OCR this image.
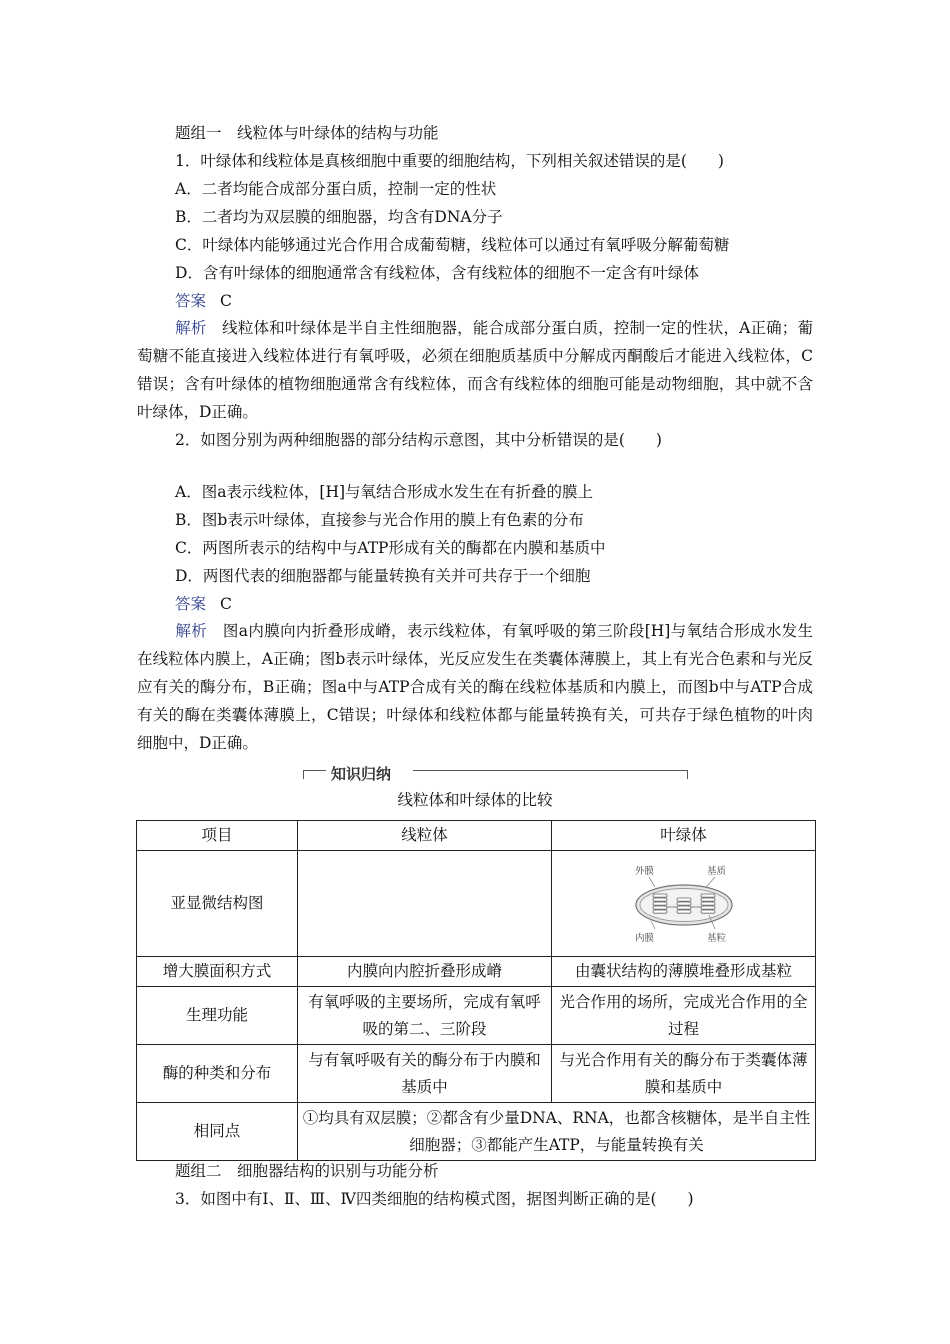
题组一　线粒体与叶绿体的结构与功能
1．叶绿体和线粒体是真核细胞中重要的细胞结构，下列相关叙述错误的是(　　)
A．二者均能合成部分蛋白质，控制一定的性状
B．二者均为双层膜的细胞器，均含有DNA分子
C．叶绿体内能够通过光合作用合成葡萄糖，线粒体可以通过有氧呼吸分解葡萄糖
D．含有叶绿体的细胞通常含有线粒体，含有线粒体的细胞不一定含有叶绿体
答案 C
解析　 线粒体和叶绿体是半自主性细胞器，能合成部分蛋白质，控制一定的性状，A正确；葡萄糖不能直接进入线粒体进行有氧呼吸，必须在细胞质基质中分解成丙酮酸后才能进入线粒体，C错误；含有叶绿体的植物细胞通常含有线粒体，而含有线粒体的细胞可能是动物细胞，其中就不含叶绿体，D正确。
2．如图分别为两种细胞器的部分结构示意图，其中分析错误的是(　　)
A．图a表示线粒体，[H]与氧结合形成水发生在有折叠的膜上
B．图b表示叶绿体，直接参与光合作用的膜上有色素的分布
C．两图所表示的结构中与ATP形成有关的酶都在内膜和基质中
D．两图代表的细胞器都与能量转换有关并可共存于一个细胞
答案 C
解析　 图a内膜向内折叠形成嵴，表示线粒体，有氧呼吸的第三阶段[H]与氧结合形成水发生在线粒体内膜上，A正确；图b表示叶绿体，光反应发生在类囊体薄膜上，其上有光合色素和与光反应有关的酶分布，B正确；图a中与ATP合成有关的酶在线粒体基质和内膜上，而图b中与ATP合成有关的酶在类囊体薄膜上，C错误；叶绿体和线粒体都与能量转换有关，可共存于绿色植物的叶肉细胞中，D正确。
知识归纳
线粒体和叶绿体的比较
项目	线粒体	叶绿体
亚显微结构图		外膜 基质
内膜 基粒

增大膜面积方式	内膜向内腔折叠形成嵴	由囊状结构的薄膜堆叠形成基粒
生理功能	有氧呼吸的主要场所，完成有氧呼吸的第二、三阶段	光合作用的场所，完成光合作用的全过程
酶的种类和分布	与有氧呼吸有关的酶分布于内膜和基质中	与光合作用有关的酶分布于类囊体薄膜和基质中
相同点	①均具有双层膜；②都含有少量DNA、RNA，也都含核糖体，是半自主性细胞器；③都能产生ATP，与能量转换有关	
题组二　细胞器结构的识别与功能分析
3．如图中有Ⅰ、Ⅱ、Ⅲ、Ⅳ四类细胞的结构模式图，据图判断正确的是(　　)
